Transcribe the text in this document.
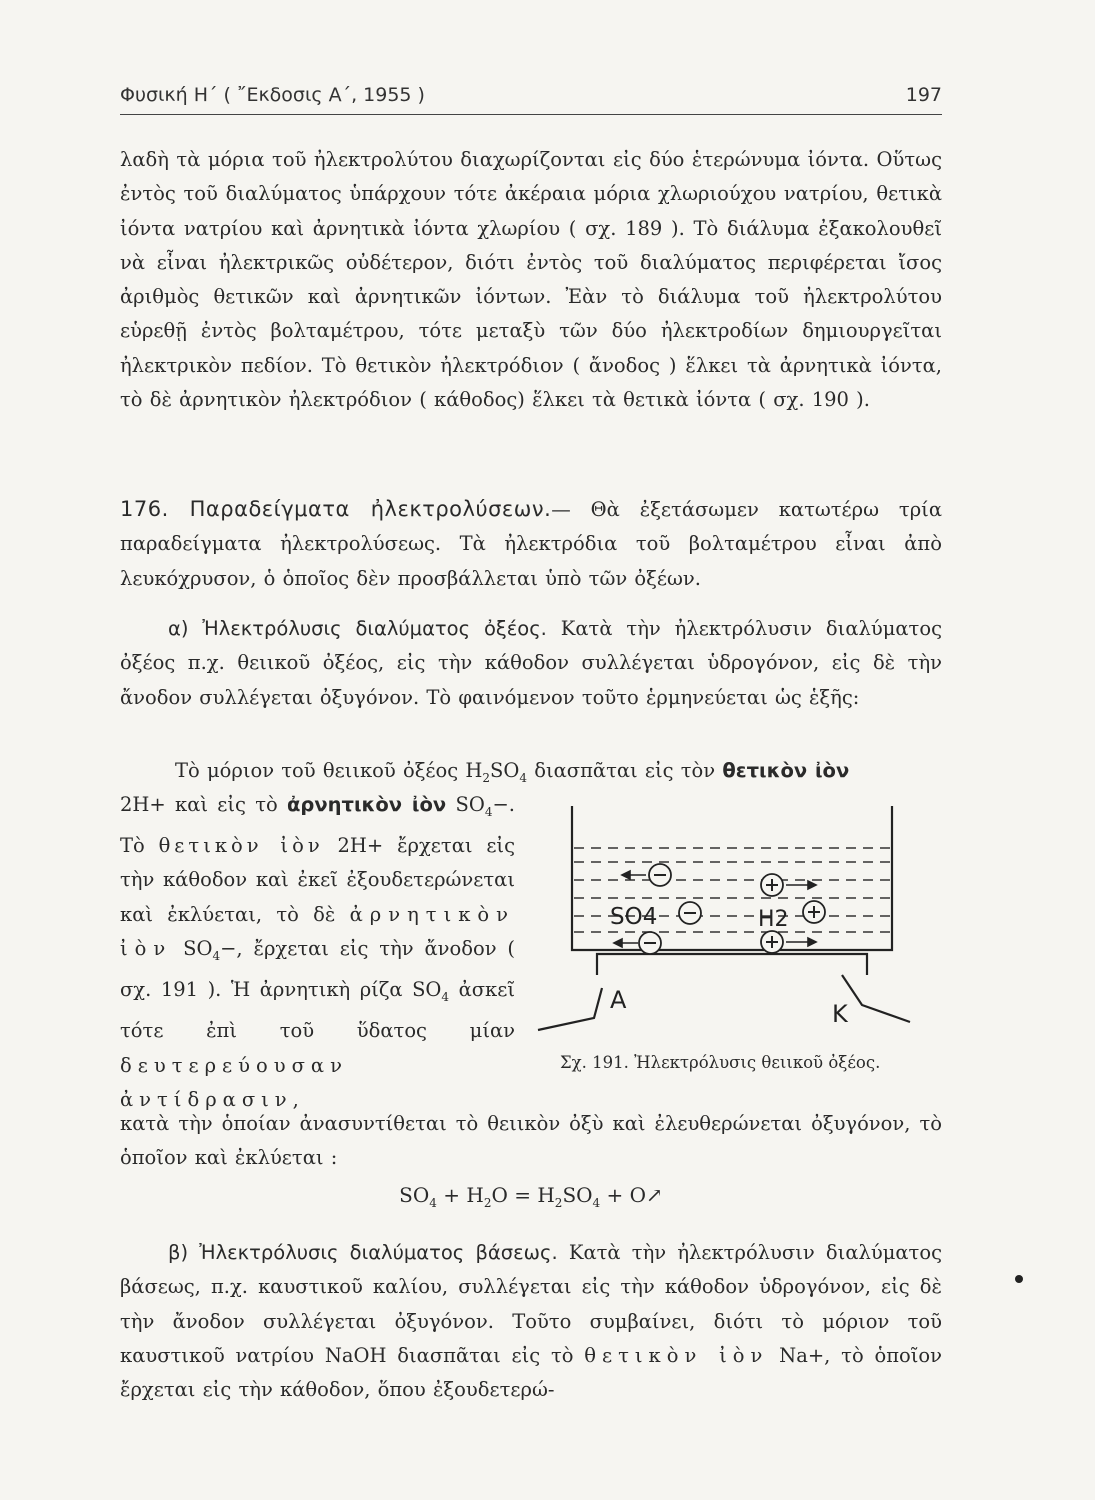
Φυσική Η΄ ( ῎Εκδοσις Α΄, 1955 )	197

λαδὴ τὰ μόρια τοῦ ἠλεκτρολύτου διαχωρίζονται εἰς δύο ἑτερώνυμα ἰόντα. Οὕτως ἐντὸς τοῦ διαλύματος ὑπάρχουν τότε ἀκέραια μόρια χλωριούχου νατρίου, θετικὰ ἰόντα νατρίου καὶ ἀρνητικὰ ἰόντα χλωρίου ( σχ. 189 ). Τὸ διάλυμα ἐξακολουθεῖ νὰ εἶναι ἠλεκτρικῶς οὐδέτερον, διότι ἐντὸς τοῦ διαλύματος περιφέρεται ἴσος ἀριθμὸς θετικῶν καὶ ἀρνητικῶν ἰόντων. Ἐὰν τὸ διάλυμα τοῦ ἠλεκτρολύτου εὑρεθῇ ἐντὸς βολταμέτρου, τότε μεταξὺ τῶν δύο ἠλεκτροδίων δημιουργεῖται ἠλεκτρικὸν πεδίον. Τὸ θετικὸν ἠλεκτρόδιον ( ἄνοδος ) ἕλκει τὰ ἀρνητικὰ ἰόντα, τὸ δὲ ἀρνητικὸν ἠλεκτρόδιον ( κάθοδος) ἕλκει τὰ θετικὰ ἰόντα ( σχ. 190 ).

176. Παραδείγματα ἠλεκτρολύσεων.— Θὰ ἐξετάσωμεν κατωτέρω τρία παραδείγματα ἠλεκτρολύσεως. Τὰ ἠλεκτρόδια τοῦ βολταμέτρου εἶναι ἀπὸ λευκόχρυσον, ὁ ὁποῖος δὲν προσβάλλεται ὑπὸ τῶν ὀξέων.

α) Ἠλεκτρόλυσις διαλύματος ὀξέος. Κατὰ τὴν ἠλεκτρόλυσιν διαλύματος ὀξέος π.χ. θειικοῦ ὀξέος, εἰς τὴν κάθοδον συλλέγεται ὑδρογόνον, εἰς δὲ τὴν ἄνοδον συλλέγεται ὀξυγόνον. Τὸ φαινόμενον τοῦτο ἑρμηνεύεται ὡς ἑξῆς:

Τὸ μόριον τοῦ θειικοῦ ὀξέος $H_2SO_4$ διασπᾶται εἰς τὸν θετικὸν ἰὸν

2H+ καὶ εἰς τὸ ἀρνητικὸν ἰὸν $SO_4-$. Τὸ θετικὸν ἰὸν 2H+ ἔρχεται εἰς τὴν κάθοδον καὶ ἐκεῖ ἐξουδετερώνεται καὶ ἐκλύεται, τὸ δὲ ἀρνητικὸν ἰὸν $SO_4-$, ἔρχεται εἰς τὴν ἄνοδον ( σχ. 191 ). Ἡ ἀρνητικὴ ρίζα $SO_4$ ἀσκεῖ τότε ἐπὶ τοῦ ὕδατος μίαν δευτερεύουσαν ἀντίδρασιν,

κατὰ τὴν ὁποίαν ἀνασυντίθεται τὸ θειικὸν ὀξὺ καὶ ἐλευθερώνεται ὀξυγόνον, τὸ ὁποῖον καὶ ἐκλύεται :

$SO_4 + H_2O = H_2SO_4$ + O↗
SO4	H2
A	K
Σχ. 191. Ἠλεκτρόλυσις θειικοῦ ὀξέος.

β) Ἠλεκτρόλυσις διαλύματος βάσεως. Κατὰ τὴν ἠλεκτρόλυσιν διαλύματος βάσεως, π.χ. καυστικοῦ καλίου, συλλέγεται εἰς τὴν κάθοδον ὑδρογόνον, εἰς δὲ τὴν ἄνοδον συλλέγεται ὀξυγόνον. Τοῦτο συμβαίνει, διότι τὸ μόριον τοῦ καυστικοῦ νατρίου NaOH διασπᾶται εἰς τὸ θετικὸν ἰὸν Na+, τὸ ὁποῖον ἔρχεται εἰς τὴν κάθοδον, ὅπου ἐξουδετερώ-
